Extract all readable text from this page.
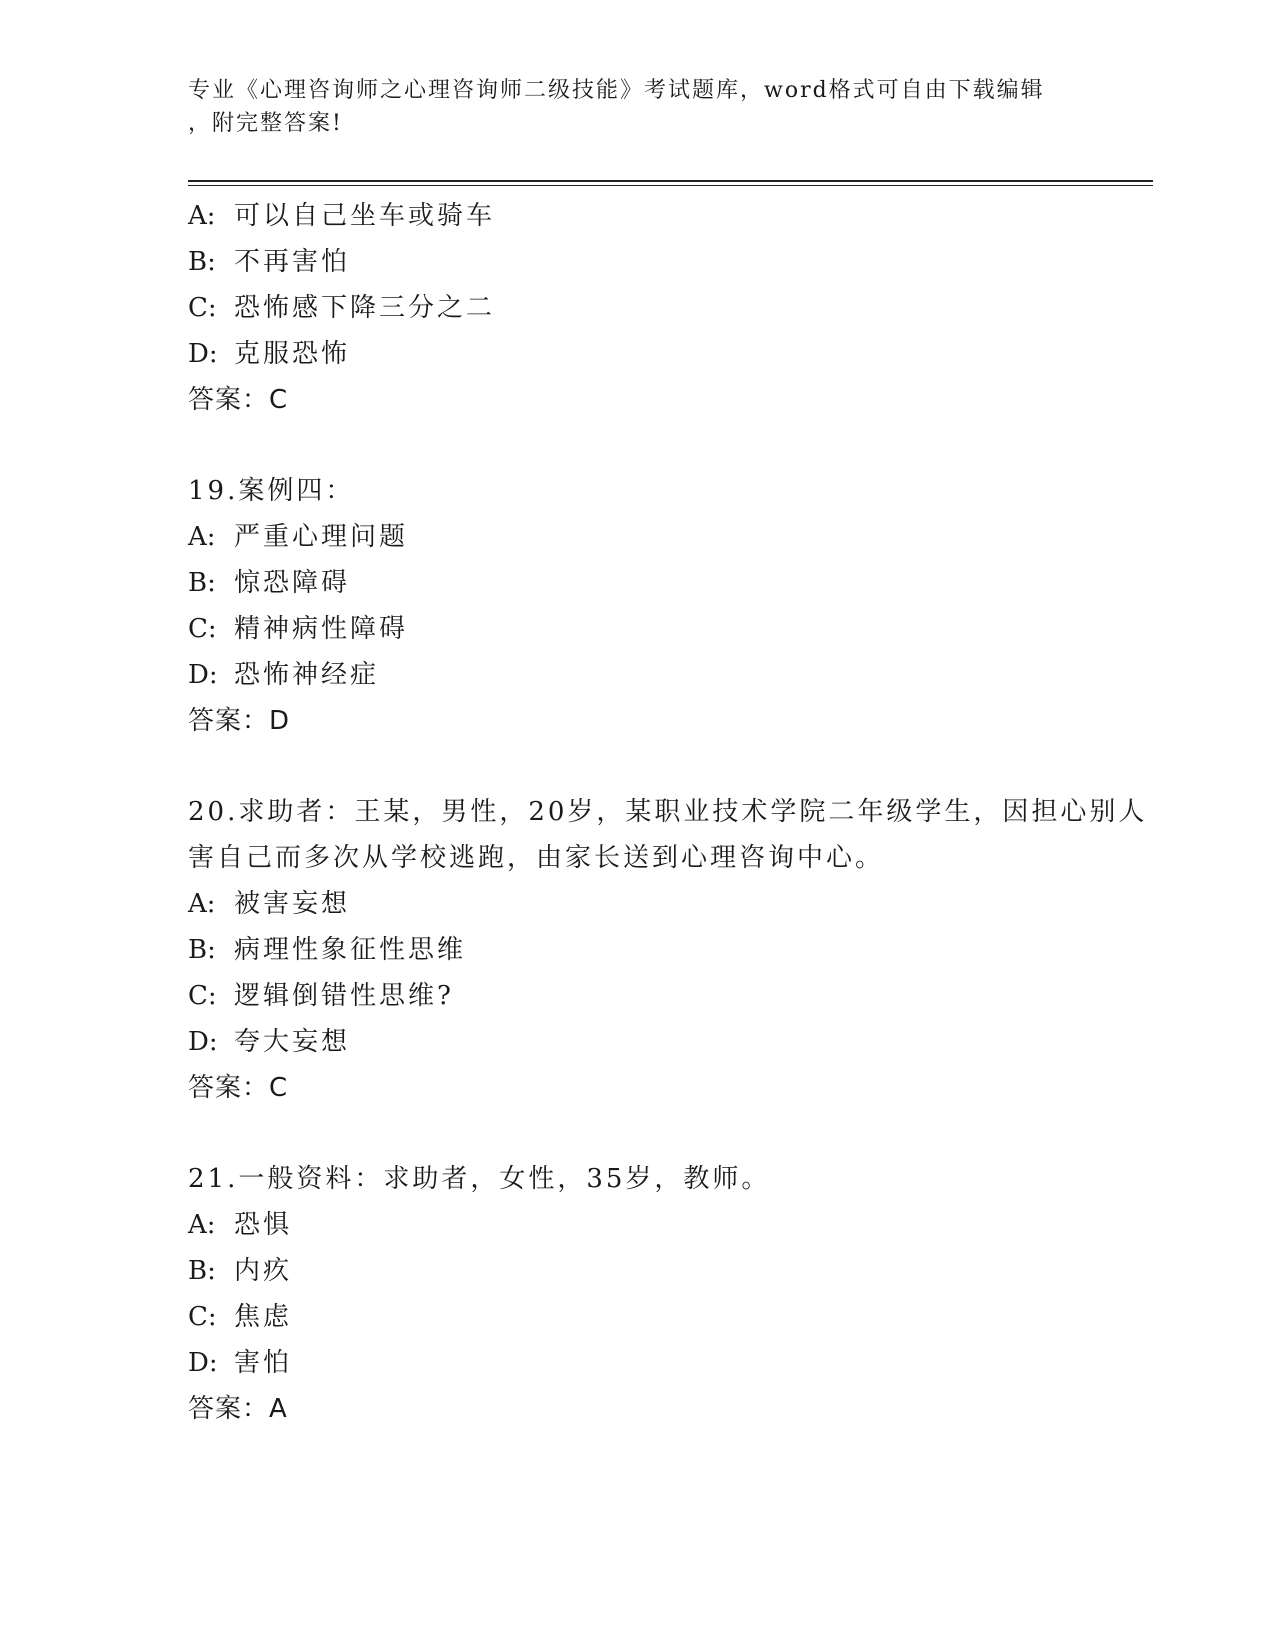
专业《心理咨询师之心理咨询师二级技能》考试题库，word格式可自由下载编辑
，附完整答案!
A: 可以自己坐车或骑车
B: 不再害怕
C: 恐怖感下降三分之二
D: 克服恐怖
答案：C
19.案例四：
A: 严重心理问题
B: 惊恐障碍
C: 精神病性障碍
D: 恐怖神经症
答案：D
20.求助者：王某，男性，20岁，某职业技术学院二年级学生，因担心别人害自己而多次从学校逃跑，由家长送到心理咨询中心。
A: 被害妄想
B: 病理性象征性思维
C: 逻辑倒错性思维?
D: 夸大妄想
答案：C
21.一般资料：求助者，女性，35岁，教师。
A: 恐惧
B: 内疚
C: 焦虑
D: 害怕
答案：A
